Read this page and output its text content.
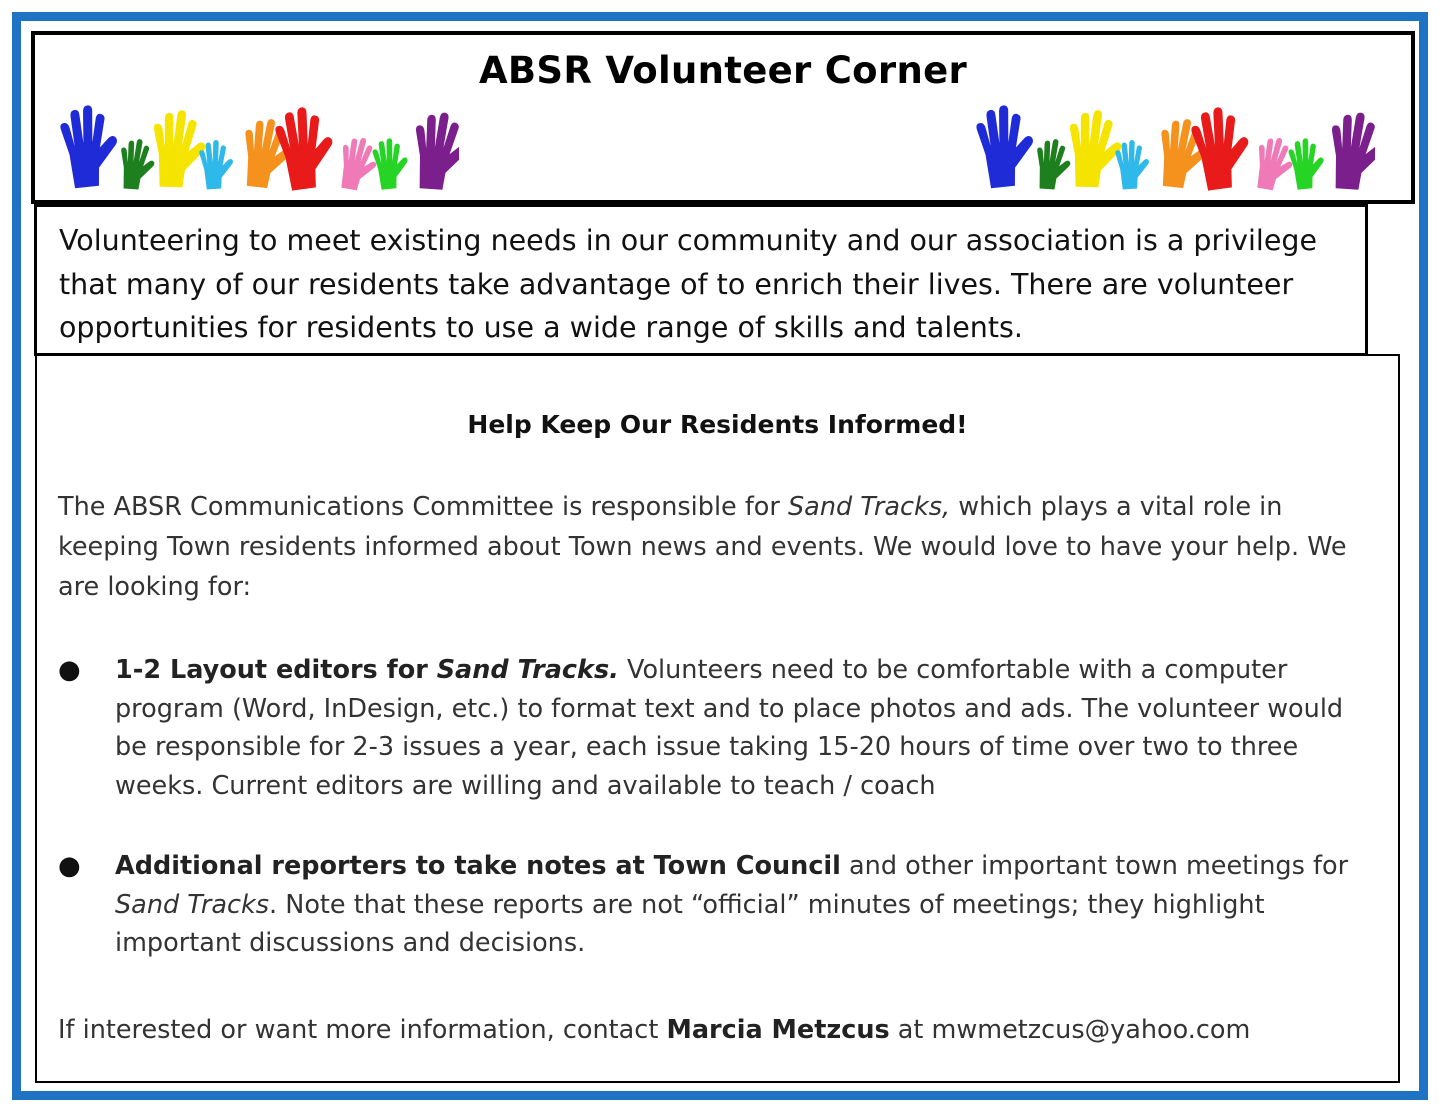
ABSR Volunteer Corner
Volunteering to meet existing needs in our community and our association is a privilege that many of our residents take advantage of to enrich their lives. There are volunteer opportunities for residents to use a wide range of skills and talents.
Help Keep Our Residents Informed!
The ABSR Communications Committee is responsible for Sand Tracks, which plays a vital role in keeping Town residents informed about Town news and events. We would love to have your help. We are looking for:
● 1-2 Layout editors for Sand Tracks. Volunteers need to be comfortable with a computer program (Word, InDesign, etc.) to format text and to place photos and ads. The volunteer would be responsible for 2-3 issues a year, each issue taking 15-20 hours of time over two to three weeks. Current editors are willing and available to teach / coach
● Additional reporters to take notes at Town Council and other important town meetings for Sand Tracks. Note that these reports are not “official” minutes of meetings; they highlight important discussions and decisions.
If interested or want more information, contact Marcia Metzcus at mwmetzcus@yahoo.com
